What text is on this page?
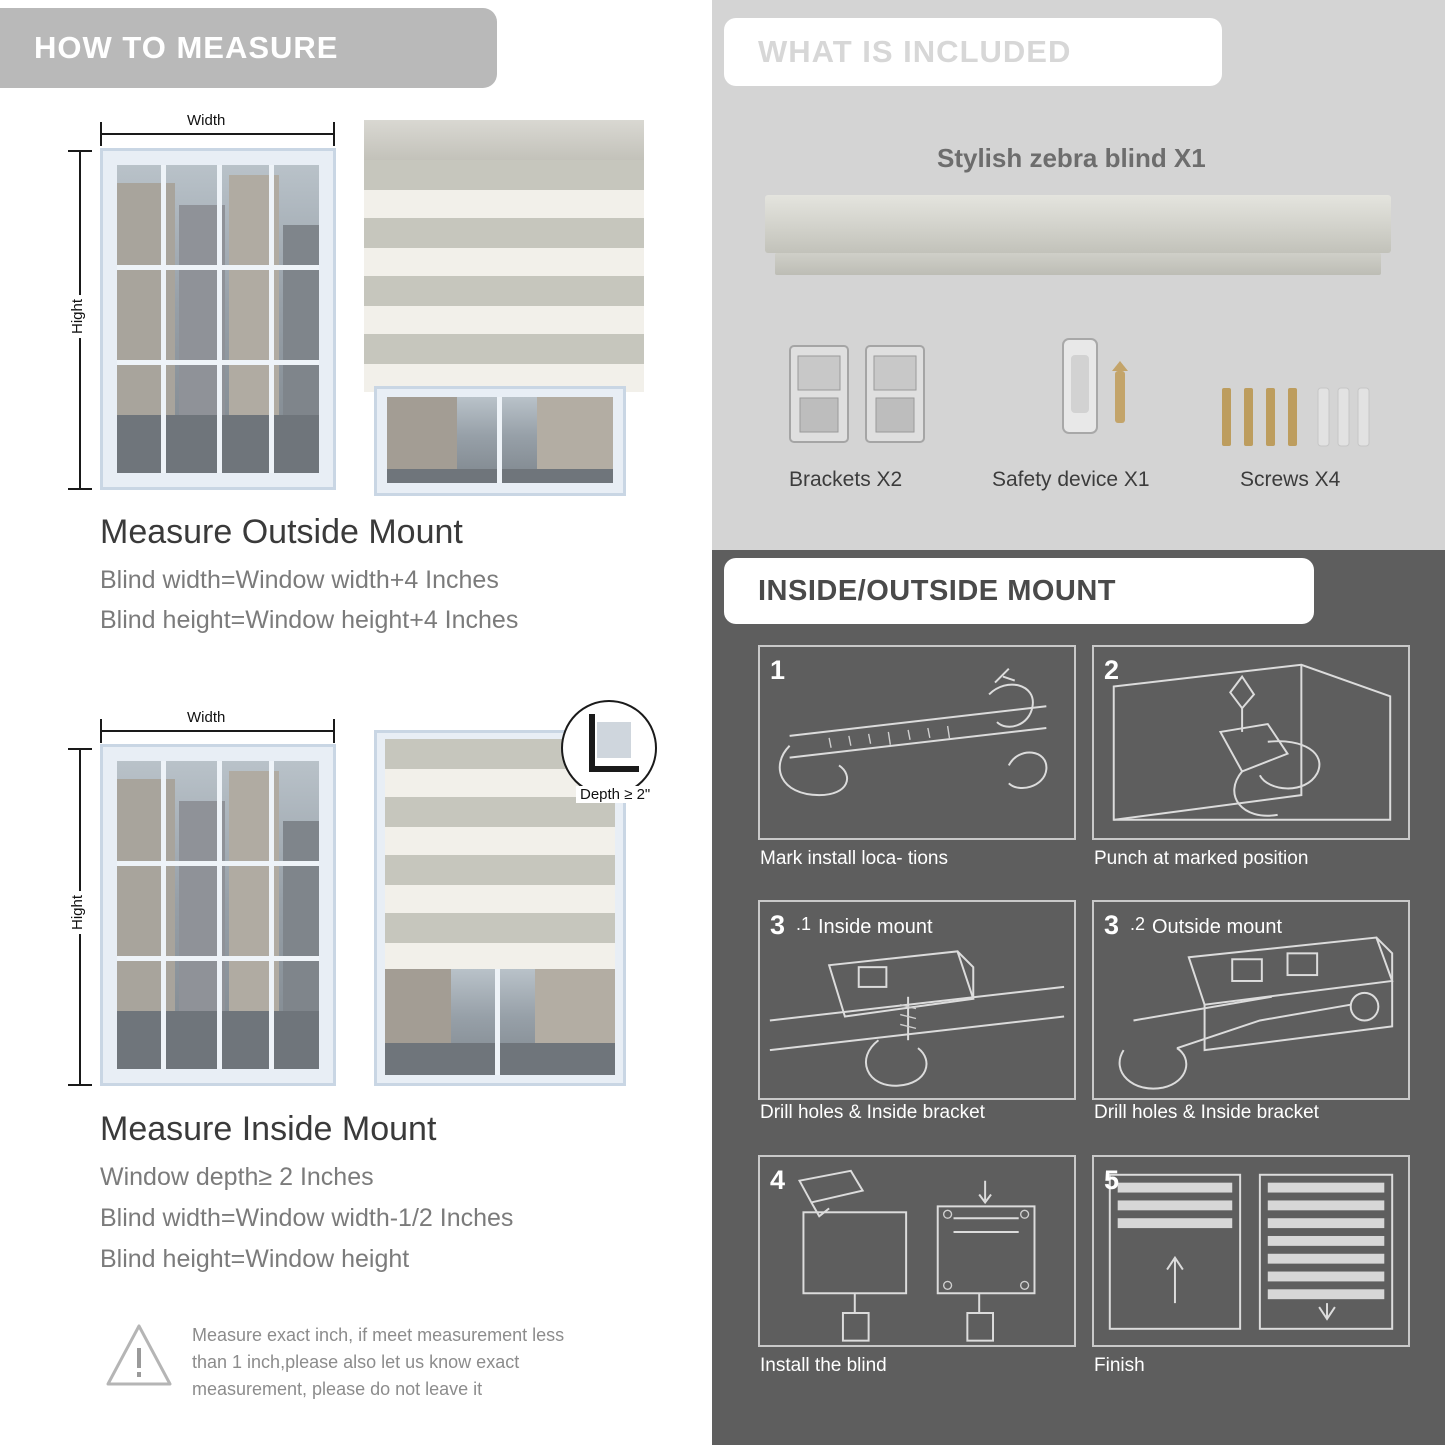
HOW TO MEASURE
Width
Hight
Measure Outside Mount
Blind width=Window width+4 Inches
Blind height=Window height+4 Inches
Width
Hight
Depth ≥ 2"
Measure Inside Mount
Window depth≥ 2 Inches
Blind width=Window width-1/2 Inches
Blind height=Window height
Measure exact inch, if meet measurement less
than 1 inch,please also let us know exact
measurement, please do not leave it
WHAT IS INCLUDED
INSIDE/OUTSIDE MOUNT
Stylish zebra blind X1
Brackets X2	Safety device X1	Screws X4
1
Mark install loca- tions
2
Punch at marked position
3 .1 Inside mount
Drill holes & Inside bracket
3 .2 Outside mount
Drill holes & Inside bracket
4
Install the blind
5
Finish
